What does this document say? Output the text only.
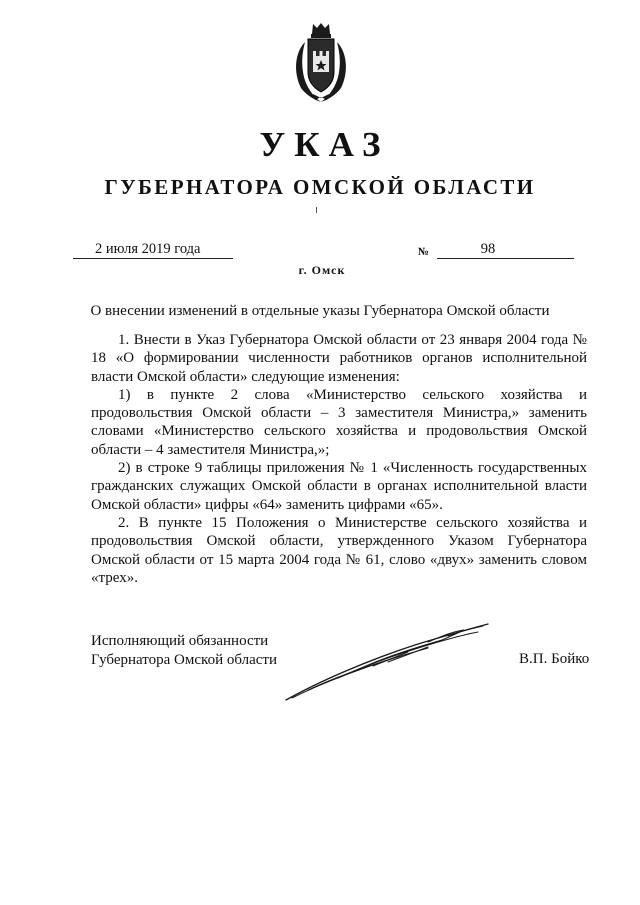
УКАЗ
ГУБЕРНАТОРА ОМСКОЙ ОБЛАСТИ
2 июля 2019 года	№	98
г. Омск
О внесении изменений в отдельные указы Губернатора Омской области

1. Внести в Указ Губернатора Омской области от 23 января 2004 года № 18 «О формировании численности работников органов исполнительной власти Омской области» следующие изменения:

1) в пункте 2 слова «Министерство сельского хозяйства и продовольствия Омской области – 3 заместителя Министра,» заменить словами «Министерство сельского хозяйства и продовольствия Омской области – 4 заместителя Министра,»;

2) в строке 9 таблицы приложения № 1 «Численность государственных гражданских служащих Омской области в органах исполнительной власти Омской области» цифры «64» заменить цифрами «65».

2. В пункте 15 Положения о Министерстве сельского хозяйства и продовольствия Омской области, утвержденного Указом Губернатора Омской области от 15 марта 2004 года № 61, слово «двух» заменить словом «трех».

Исполняющий обязанности
Губернатора Омской области	В.П. Бойко
